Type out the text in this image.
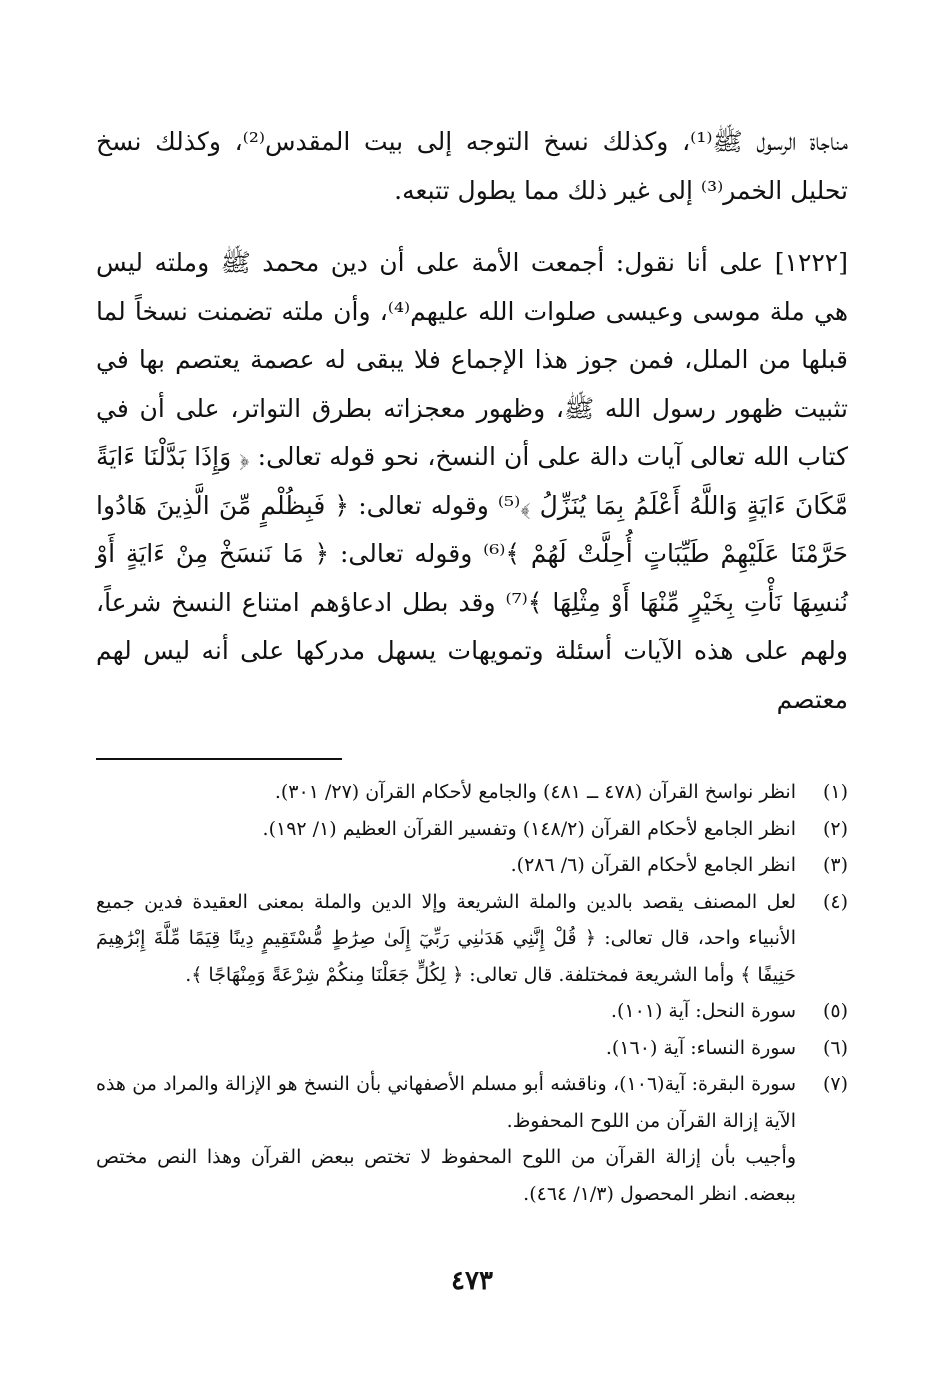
مناجاة الرسول ﷺ⁽¹⁾، وكذلك نسخ التوجه إلى بيت المقدس⁽²⁾، وكذلك نسخ تحليل الخمر⁽³⁾ إلى غير ذلك مما يطول تتبعه.

[١٢٢٢] على أنا نقول: أجمعت الأمة على أن دين محمد ﷺ وملته ليس هي ملة موسى وعيسى صلوات الله عليهم⁽⁴⁾، وأن ملته تضمنت نسخاً لما قبلها من الملل، فمن جوز هذا الإجماع فلا يبقى له عصمة يعتصم بها في تثبيت ظهور رسول الله ﷺ، وظهور معجزاته بطرق التواتر، على أن في كتاب الله تعالى آيات دالة على أن النسخ، نحو قوله تعالى: ﴿ وَإِذَا بَدَّلْنَا ءَايَةً مَّكَانَ ءَايَةٍ وَاللَّهُ أَعْلَمُ بِمَا يُنَزِّلُ ﴾⁽⁵⁾ وقوله تعالى: ﴿ فَبِظُلْمٍ مِّنَ الَّذِينَ هَادُوا حَرَّمْنَا عَلَيْهِمْ طَيِّبَاتٍ أُحِلَّتْ لَهُمْ ﴾⁽⁶⁾ وقوله تعالى: ﴿ مَا نَنسَخْ مِنْ ءَايَةٍ أَوْ نُنسِهَا نَأْتِ بِخَيْرٍ مِّنْهَا أَوْ مِثْلِهَا ﴾⁽⁷⁾ وقد بطل ادعاؤهم امتناع النسخ شرعاً، ولهم على هذه الآيات أسئلة وتمويهات يسهل مدركها على أنه ليس لهم معتصم

(١)
انظر نواسخ القرآن (٤٧٨ ــ ٤٨١) والجامع لأحكام القرآن (٢٧/ ٣٠١).
(٢)
انظر الجامع لأحكام القرآن (١٤٨/٢) وتفسير القرآن العظيم (١/ ١٩٢).
(٣)
انظر الجامع لأحكام القرآن (٦/ ٢٨٦).
(٤)
لعل المصنف يقصد بالدين والملة الشريعة وإلا الدين والملة بمعنى العقيدة فدين جميع الأنبياء واحد، قال تعالى: ﴿ قُلْ إِنَّنِي هَدَىٰنِي رَبِّيٓ إِلَىٰ صِرَٰطٍ مُّسْتَقِيمٍ دِينًا قِيَمًا مِّلَّةَ إِبْرَٰهِيمَ حَنِيفًا ﴾ وأما الشريعة فمختلفة. قال تعالى: ﴿ لِكُلٍّ جَعَلْنَا مِنكُمْ شِرْعَةً وَمِنْهَاجًا ﴾.
(٥)
سورة النحل: آية (١٠١).
(٦)
سورة النساء: آية (١٦٠).
(٧)
سورة البقرة: آية(١٠٦)، وناقشه أبو مسلم الأصفهاني بأن النسخ هو الإزالة والمراد من هذه الآية إزالة القرآن من اللوح المحفوظ.
وأجيب بأن إزالة القرآن من اللوح المحفوظ لا تختص ببعض القرآن وهذا النص مختص ببعضه. انظر المحصول (١/٣/ ٤٦٤).
٤٧٣
